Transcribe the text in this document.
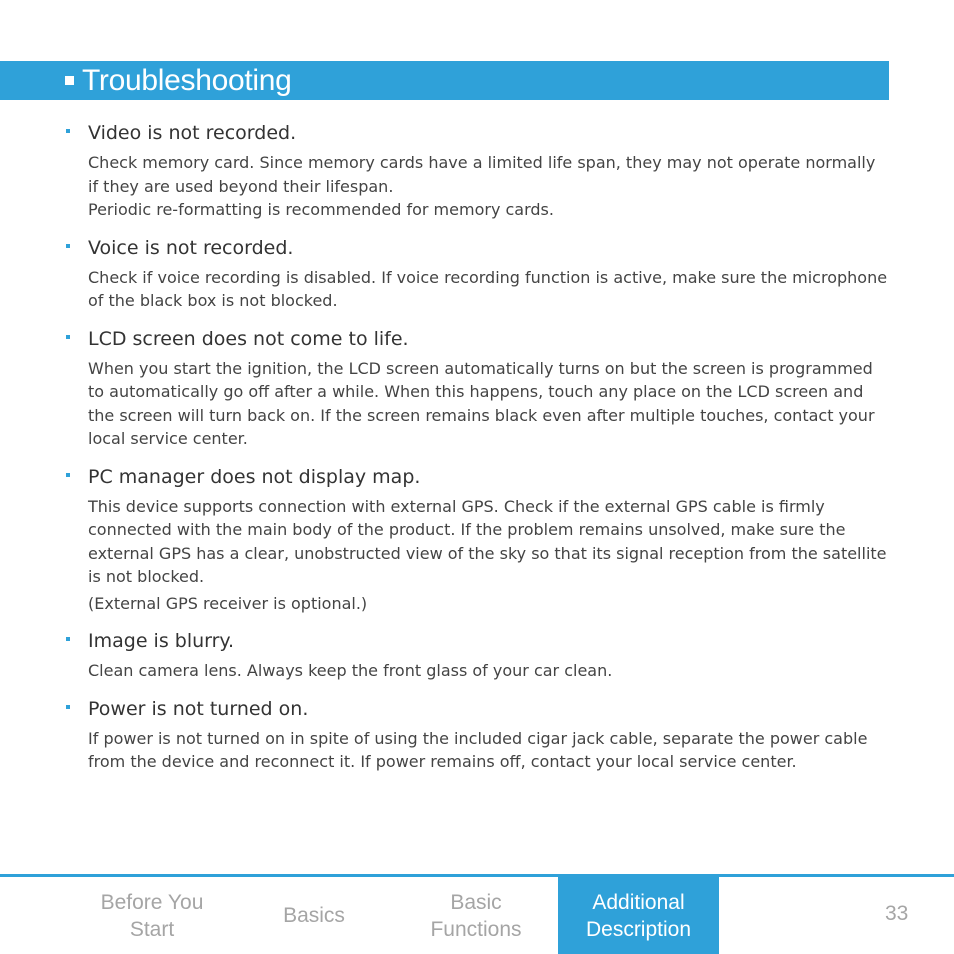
Troubleshooting
Video is not recorded.
Check memory card. Since memory cards have a limited life span, they may not operate normally if they are used beyond their lifespan.
Periodic re-formatting is recommended for memory cards.
Voice is not recorded.
Check if voice recording is disabled. If voice recording function is active, make sure the microphone of the black box is not blocked.
LCD screen does not come to life.
When you start the ignition, the LCD screen automatically turns on but the screen is programmed to automatically go off after a while. When this happens, touch any place on the LCD screen and the screen will turn back on. If the screen remains black even after multiple touches, contact your local service center.
PC manager does not display map.
This device supports connection with external GPS. Check if the external GPS cable is firmly connected with the main body of the product. If the problem remains unsolved, make sure the external GPS has a clear, unobstructed view of the sky so that its signal reception from the satellite is not blocked.
(External GPS receiver is optional.)
Image is blurry.
Clean camera lens. Always keep the front glass of your car clean.
Power is not turned on.
If power is not turned on in spite of using the included cigar jack cable, separate the power cable from the device and reconnect it. If power remains off, contact your local service center.
Before You
Start
Basics
Basic
Functions
Additional
Description
33
